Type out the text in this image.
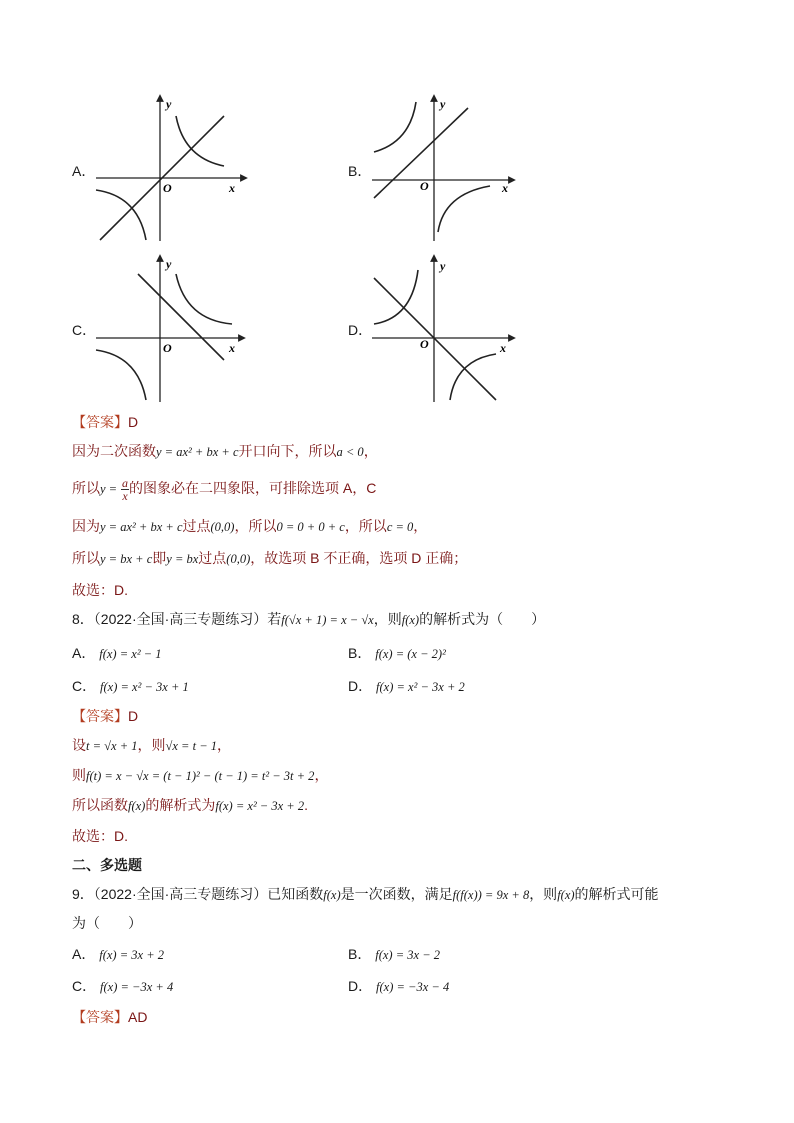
A．	B．
C．	D．
y
x
O
y
x
O
y
x
O
y
x
O
【答案】D
因为二次函数y = ax² + bx + c开口向下，所以a < 0，
所以$y = \frac{a}{x}$ 的图象必在二四象限，可排除选项 A，C
因为y = ax² + bx + c过点(0,0)，所以0 = 0 + 0 + c，所以c = 0，
所以y = bx + c即y = bx过点(0,0)，故选项 B 不正确，选项 D 正确；
故选：D.
8．（2022·全国·高三专题练习）若f(√x + 1) = x − √x，则f(x)的解析式为（　　）
A． f(x) = x² − 1	B． f(x) = (x − 2)²
C． f(x) = x² − 3x + 1	D． f(x) = x² − 3x + 2
【答案】D
设t = √x + 1，则√x = t − 1，
则f(t) = x − √x = (t − 1)² − (t − 1) = t² − 3t + 2，
所以函数f(x)的解析式为f(x) = x² − 3x + 2.
故选：D.
二、多选题
9．（2022·全国·高三专题练习）已知函数f(x)是一次函数，满足f(f(x)) = 9x + 8，则f(x)的解析式可能
为（　　）
A． f(x) = 3x + 2	B． f(x) = 3x − 2
C． f(x) = −3x + 4	D． f(x) = −3x − 4
【答案】AD
